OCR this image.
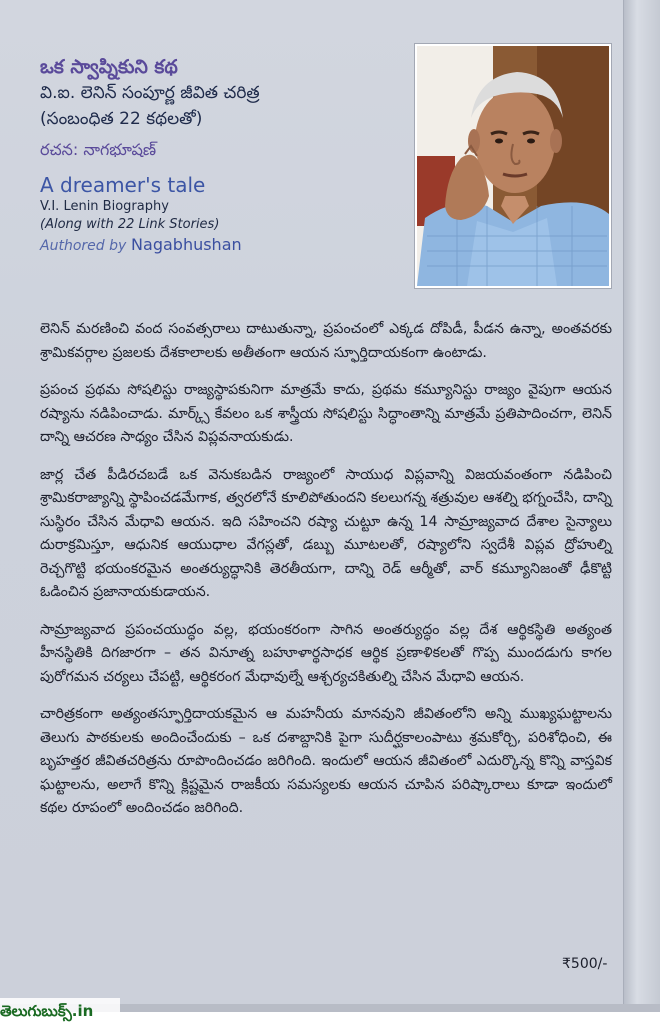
ఒక స్వాప్నికుని కథ
వి.ఐ. లెనిన్ సంపూర్ణ జీవిత చరిత్ర
(సంబంధిత 22 కథలతో)
రచన: నాగభూషణ్
A dreamer's tale
V.I. Lenin Biography
(Along with 22 Link Stories)
Authored by Nagabhushan

లెనిన్ మరణించి వంద సంవత్సరాలు దాటుతున్నా, ప్రపంచంలో ఎక్కడ దోపిడీ, పీడన ఉన్నా, అంతవరకు శ్రామికవర్గాల ప్రజలకు దేశకాలాలకు అతీతంగా ఆయన స్ఫూర్తిదాయకంగా ఉంటాడు.

ప్రపంచ ప్రథమ సోషలిస్టు రాజ్యస్థాపకునిగా మాత్రమే కాదు, ప్రథమ కమ్యూనిస్టు రాజ్యం వైపుగా ఆయన రష్యాను నడిపించాడు. మార్క్స్ కేవలం ఒక శాస్త్రీయ సోషలిస్టు సిద్ధాంతాన్ని మాత్రమే ప్రతిపాదించగా, లెనిన్ దాన్ని ఆచరణ సాధ్యం చేసిన విప్లవనాయకుడు.

జార్ల చేత పీడిరచబడే ఒక వెనుకబడిన రాజ్యంలో సాయుధ విప్లవాన్ని విజయవంతంగా నడిపించి శ్రామికరాజ్యాన్ని స్థాపించడమేగాక, త్వరలోనే కూలిపోతుందని కలలుగన్న శత్రువుల ఆశల్ని భగ్నంచేసి, దాన్ని సుస్థిరం చేసిన మేధావి ఆయన. ఇది సహించని రష్యా చుట్టూ ఉన్న 14 సామ్రాజ్యవాద దేశాల సైన్యాలు దురాక్రమిస్తూ, ఆధునిక ఆయుధాల వేగస్లతో, డబ్బు మూటలతో, రష్యాలోని స్వదేశీ విప్లవ ద్రోహుల్ని రెచ్చగొట్టి భయంకరమైన అంతర్యుద్ధానికి తెరతీయగా, దాన్ని రెడ్ ఆర్మీతో, వార్ కమ్యూనిజంతో ఢీకొట్టి ఓడించిన ప్రజానాయకుడాయన.

సామ్రాజ్యవాద ప్రపంచయుద్ధం వల్ల, భయంకరంగా సాగిన అంతర్యుద్ధం వల్ల దేశ ఆర్థికస్థితి అత్యంత హీనస్థితికి దిగజారగా – తన వినూత్న బహూళార్థసాధక ఆర్థిక ప్రణాళికలతో గొప్ప ముందడుగు కాగల పురోగమన చర్యలు చేపట్టి, ఆర్థికరంగ మేధావుల్నే ఆశ్చర్యచకితుల్ని చేసిన మేధావి ఆయన.

చారిత్రకంగా అత్యంతస్ఫూర్తిదాయకమైన ఆ మహనీయ మానవుని జీవితంలోని అన్ని ముఖ్యఘట్టాలను తెలుగు పాఠకులకు అందించేందుకు – ఒక దశాబ్దానికి పైగా సుదీర్ఘకాలంపాటు శ్రమకోర్చి, పరిశోధించి, ఈ బృహత్తర జీవితచరిత్రను రూపొందించడం జరిగింది. ఇందులో ఆయన జీవితంలో ఎదుర్కొన్న కొన్ని వాస్తవిక ఘట్టాలను, అలాగే కొన్ని క్లిష్టమైన రాజకీయ సమస్యలకు ఆయన చూపిన పరిష్కారాలు కూడా ఇందులో కథల రూపంలో అందించడం జరిగింది.

₹500/-
తెలుగుబుక్స్.in
